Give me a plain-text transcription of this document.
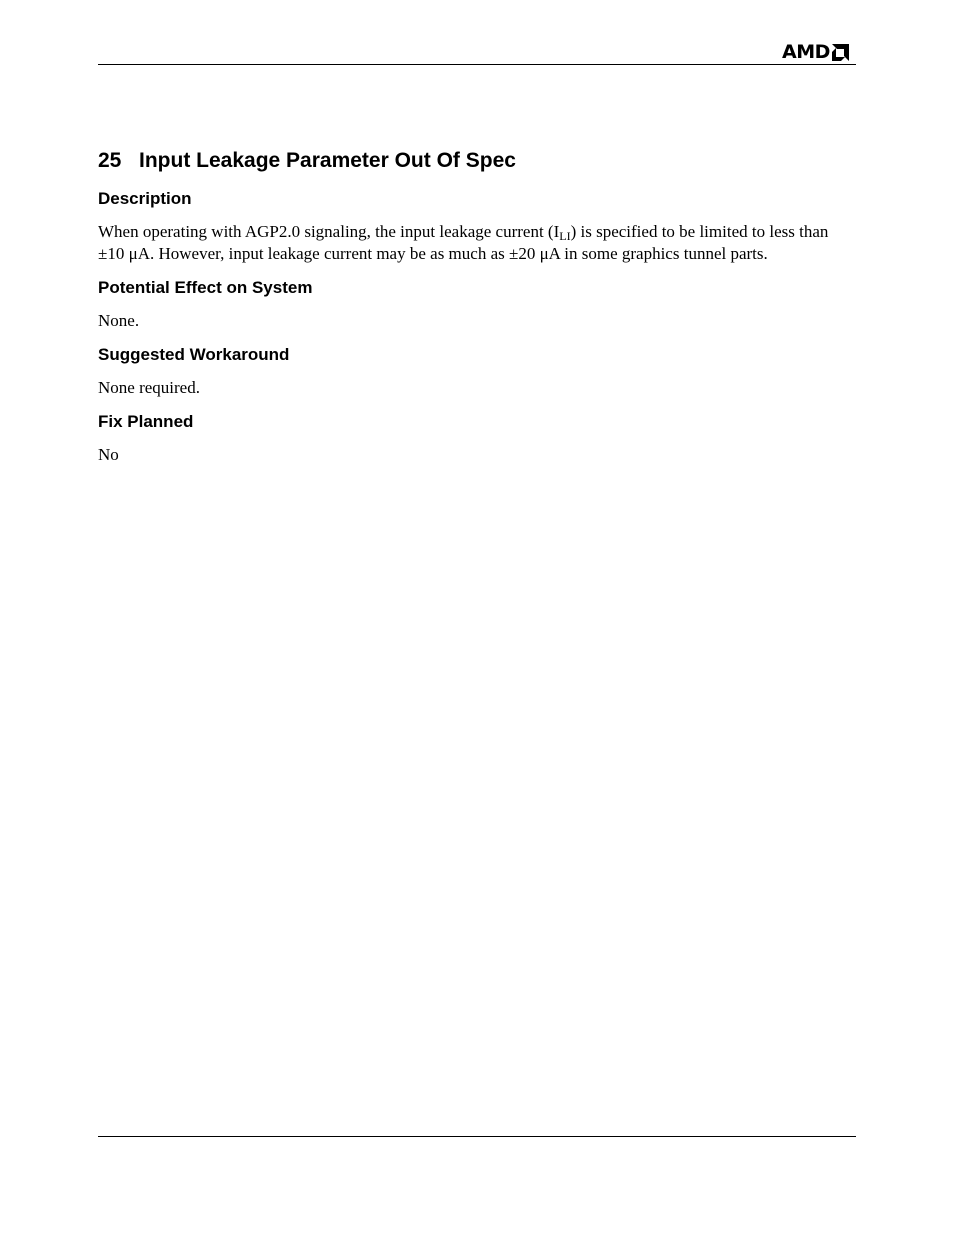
AMD
25 Input Leakage Parameter Out Of Spec
Description

When operating with AGP2.0 signaling, the input leakage current $(I_{LI})$ is specified to be limited to less than ±10 μA. However, input leakage current may be as much as ±20 μA in some graphics tunnel parts.

Potential Effect on System

None.

Suggested Workaround

None required.

Fix Planned

No
